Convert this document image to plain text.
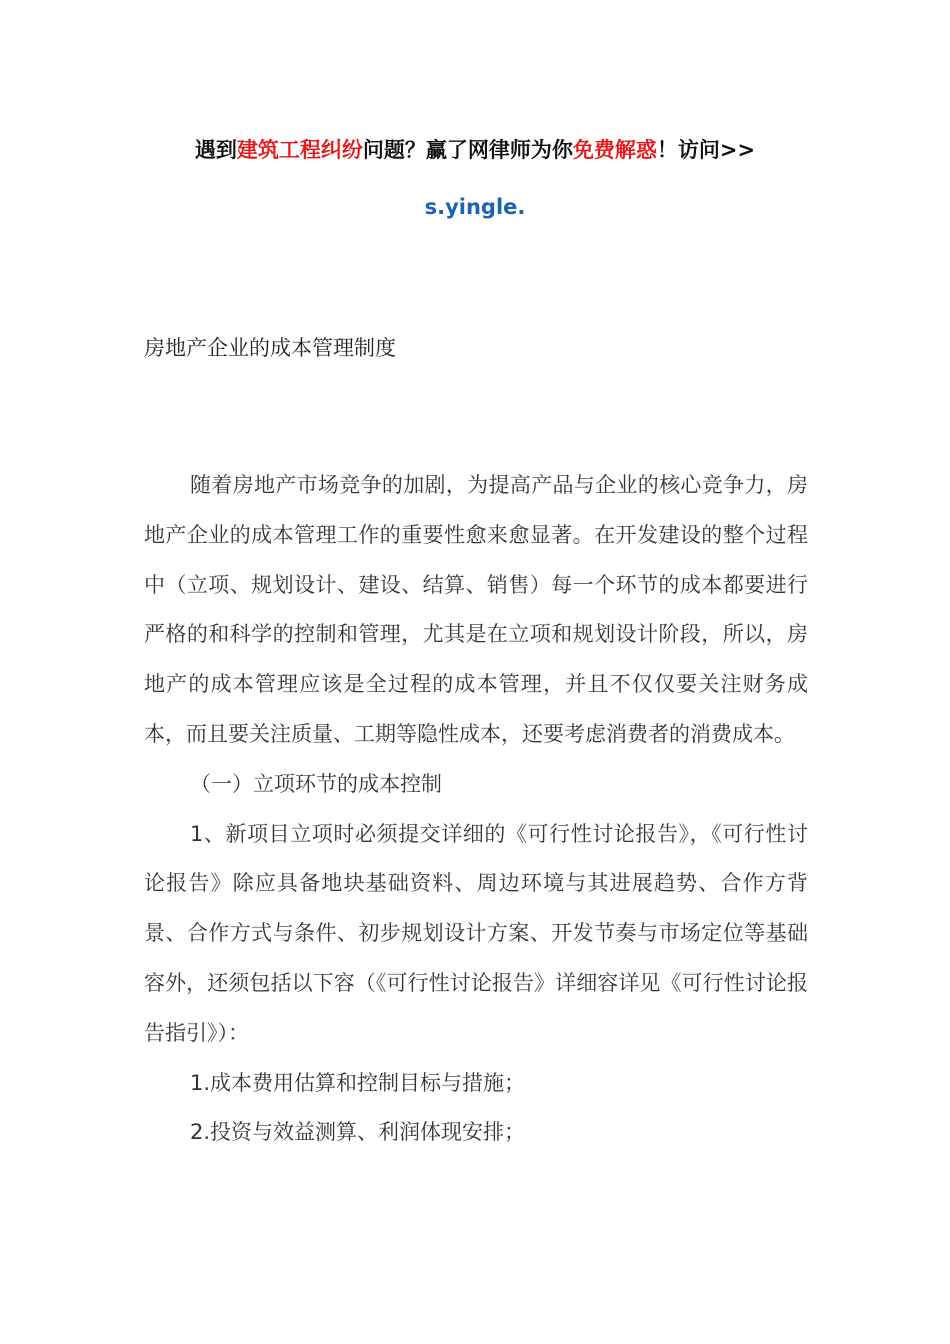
遇到建筑工程纠纷问题？赢了网律师为你免费解惑！访问>>
s.yingle.
房地产企业的成本管理制度

随着房地产市场竞争的加剧，为提高产品与企业的核心竞争力，房地产企业的成本管理工作的重要性愈来愈显著。在开发建设的整个过程中（立项、规划设计、建设、结算、销售）每一个环节的成本都要进行严格的和科学的控制和管理，尤其是在立项和规划设计阶段，所以，房地产的成本管理应该是全过程的成本管理，并且不仅仅要关注财务成本，而且要关注质量、工期等隐性成本，还要考虑消费者的消费成本。

（一）立项环节的成本控制

1、新项目立项时必须提交详细的《可行性讨论报告》，《可行性讨论报告》除应具备地块基础资料、周边环境与其进展趋势、合作方背景、合作方式与条件、初步规划设计方案、开发节奏与市场定位等基础容外，还须包括以下容（《可行性讨论报告》详细容详见《可行性讨论报告指引》）：

1.成本费用估算和控制目标与措施；

2.投资与效益测算、利润体现安排；
